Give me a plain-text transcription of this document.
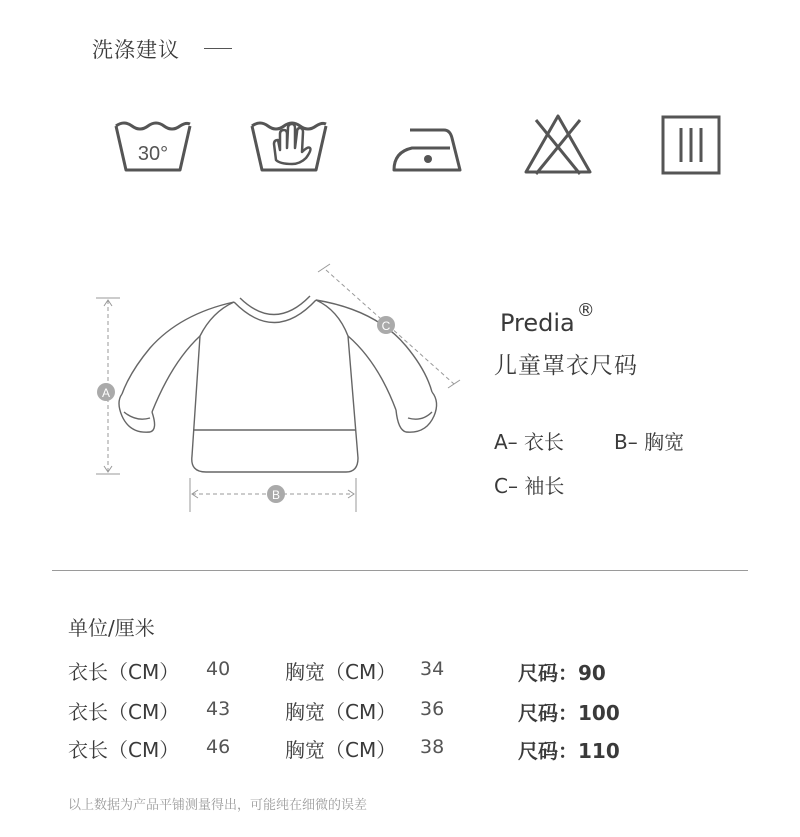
洗涤建议
30°
A
C
B
Predia ®
儿童罩衣尺码
A– 衣长 B– 胸宽
C– 袖长
单位/厘米
衣长（CM） 40	胸宽（CM） 34	尺码：90
衣长（CM） 43	胸宽（CM） 36	尺码：100
衣长（CM） 46	胸宽（CM） 38	尺码：110
以上数据为产品平铺测量得出，可能纯在细微的误差
